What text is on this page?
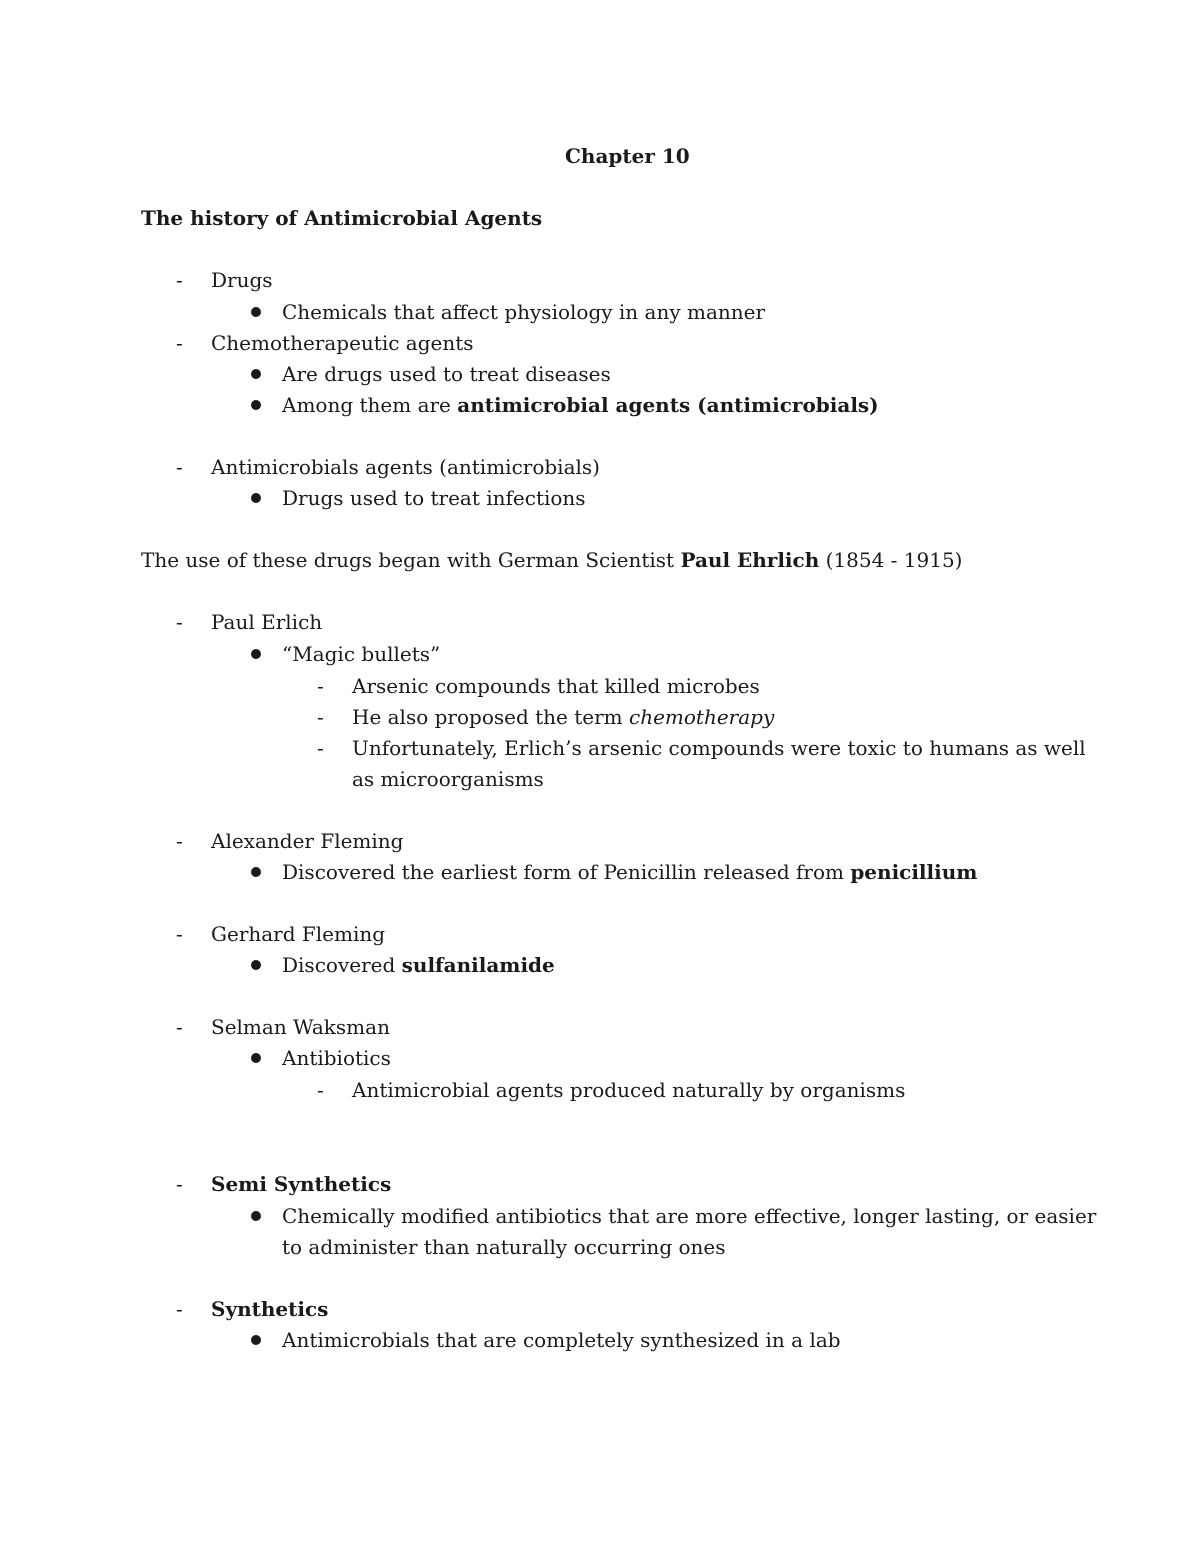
Chapter 10
The history of Antimicrobial Agents
- Drugs
Chemicals that affect physiology in any manner
- Chemotherapeutic agents
Are drugs used to treat diseases
Among them are antimicrobial agents (antimicrobials)
- Antimicrobials agents (antimicrobials)
Drugs used to treat infections
The use of these drugs began with German Scientist Paul Ehrlich (1854 - 1915)
- Paul Erlich
“Magic bullets”
- Arsenic compounds that killed microbes
- He also proposed the term chemotherapy
- Unfortunately, Erlich’s arsenic compounds were toxic to humans as well
as microorganisms
- Alexander Fleming
Discovered the earliest form of Penicillin released from penicillium
- Gerhard Fleming
Discovered sulfanilamide
- Selman Waksman
Antibiotics
- Antimicrobial agents produced naturally by organisms
- Semi Synthetics
Chemically modified antibiotics that are more effective, longer lasting, or easier
to administer than naturally occurring ones
- Synthetics
Antimicrobials that are completely synthesized in a lab
